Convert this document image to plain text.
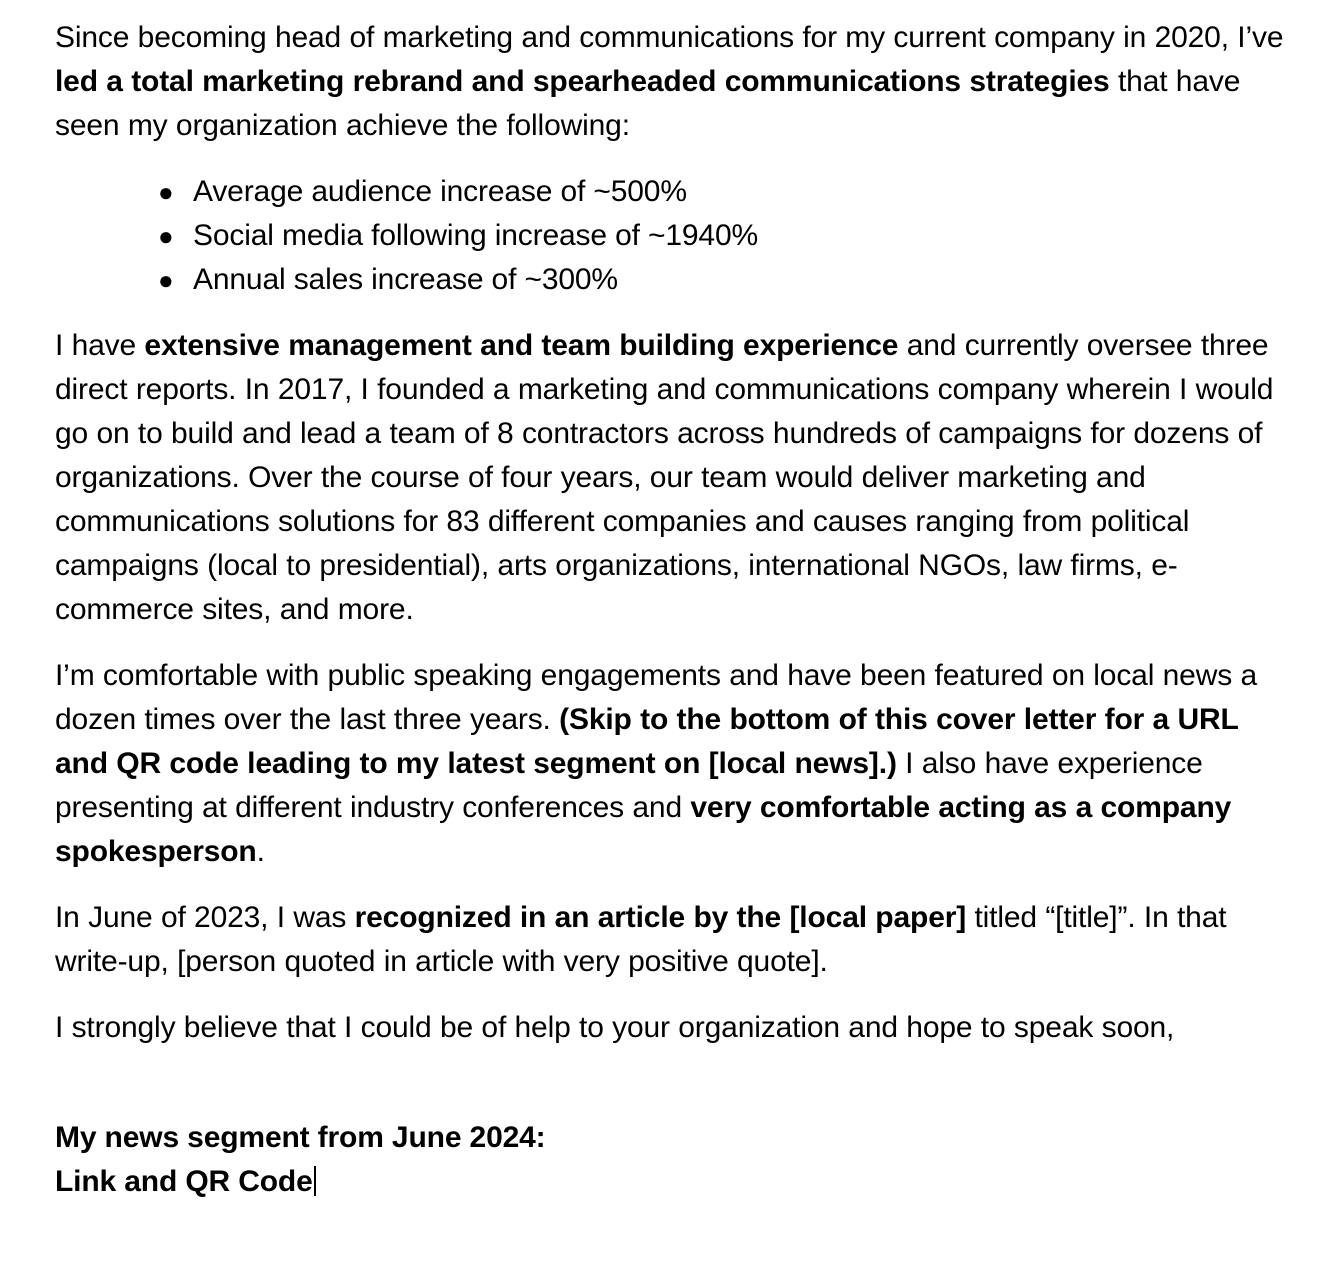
Since becoming head of marketing and communications for my current company in 2020, I’ve led a total marketing rebrand and spearheaded communications strategies that have seen my organization achieve the following:

● Average audience increase of ~500%
● Social media following increase of ~1940%
● Annual sales increase of ~300%

I have extensive management and team building experience and currently oversee three direct reports. In 2017, I founded a marketing and communications company wherein I would go on to build and lead a team of 8 contractors across hundreds of campaigns for dozens of organizations. Over the course of four years, our team would deliver marketing and communications solutions for 83 different companies and causes ranging from political campaigns (local to presidential), arts organizations, international NGOs, law firms, e-commerce sites, and more.

I’m comfortable with public speaking engagements and have been featured on local news a dozen times over the last three years. (Skip to the bottom of this cover letter for a URL and QR code leading to my latest segment on [local news].) I also have experience presenting at different industry conferences and very comfortable acting as a company spokesperson.

In June of 2023, I was recognized in an article by the [local paper] titled “[title]”. In that write-up, [person quoted in article with very positive quote].

I strongly believe that I could be of help to your organization and hope to speak soon,

My news segment from June 2024:

Link and QR Code
